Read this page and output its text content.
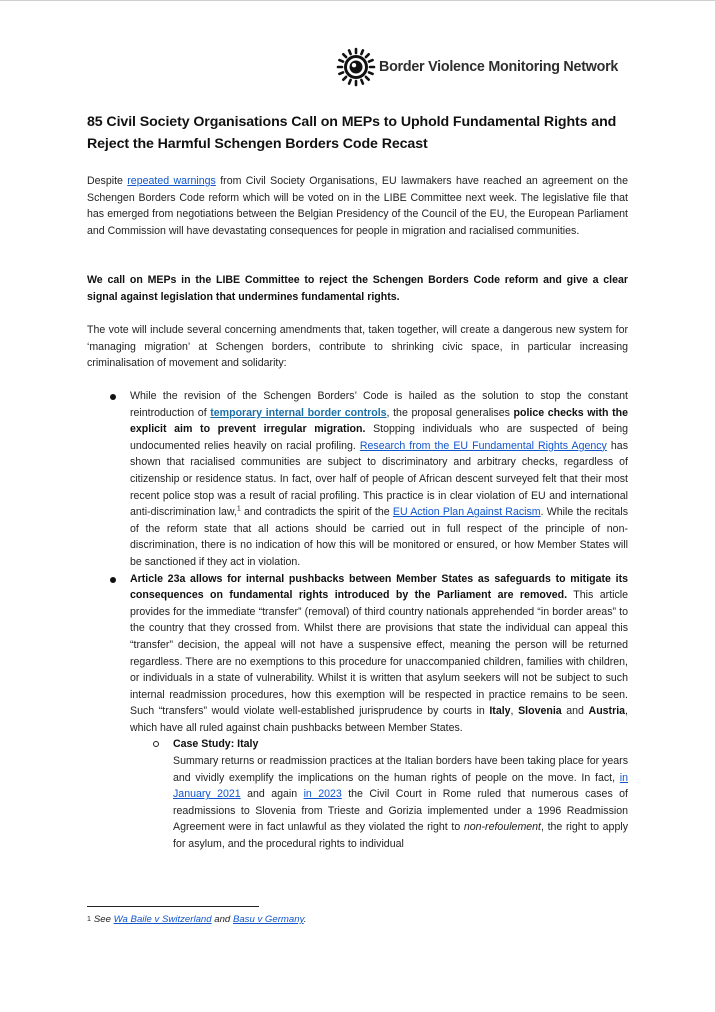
Border Violence Monitoring Network
85 Civil Society Organisations Call on MEPs to Uphold Fundamental Rights and Reject the Harmful Schengen Borders Code Recast

Despite repeated warnings from Civil Society Organisations, EU lawmakers have reached an agreement on the Schengen Borders Code reform which will be voted on in the LIBE Committee next week. The legislative file that has emerged from negotiations between the Belgian Presidency of the Council of the EU, the European Parliament and Commission will have devastating consequences for people in migration and racialised communities.

We call on MEPs in the LIBE Committee to reject the Schengen Borders Code reform and give a clear signal against legislation that undermines fundamental rights.

The vote will include several concerning amendments that, taken together, will create a dangerous new system for ‘managing migration’ at Schengen borders, contribute to shrinking civic space, in particular increasing criminalisation of movement and solidarity:

While the revision of the Schengen Borders’ Code is hailed as the solution to stop the constant reintroduction of temporary internal border controls, the proposal generalises police checks with the explicit aim to prevent irregular migration. Stopping individuals who are suspected of being undocumented relies heavily on racial profiling. Research from the EU Fundamental Rights Agency has shown that racialised communities are subject to discriminatory and arbitrary checks, regardless of citizenship or residence status. In fact, over half of people of African descent surveyed felt that their most recent police stop was a result of racial profiling. This practice is in clear violation of EU and international anti-discrimination law,$^1$ and contradicts the spirit of the EU Action Plan Against Racism. While the recitals of the reform state that all actions should be carried out in full respect of the principle of non-discrimination, there is no indication of how this will be monitored or ensured, or how Member States will be sanctioned if they act in violation.
Article 23a allows for internal pushbacks between Member States as safeguards to mitigate its consequences on fundamental rights introduced by the Parliament are removed. This article provides for the immediate “transfer” (removal) of third country nationals apprehended “in border areas” to the country that they crossed from. Whilst there are provisions that state the individual can appeal this “transfer” decision, the appeal will not have a suspensive effect, meaning the person will be returned regardless. There are no exemptions to this procedure for unaccompanied children, families with children, or individuals in a state of vulnerability. Whilst it is written that asylum seekers will not be subject to such internal readmission procedures, how this exemption will be respected in practice remains to be seen. Such “transfers” would violate well-established jurisprudence by courts in Italy, Slovenia and Austria, which have all ruled against chain pushbacks between Member States.
Case Study: Italy
Summary returns or readmission practices at the Italian borders have been taking place for years and vividly exemplify the implications on the human rights of people on the move. In fact, in January 2021 and again in 2023 the Civil Court in Rome ruled that numerous cases of readmissions to Slovenia from Trieste and Gorizia implemented under a 1996 Readmission Agreement were in fact unlawful as they violated the right to non-refoulement, the right to apply for asylum, and the procedural rights to individual
$^1$ See Wa Baile v Switzerland and Basu v Germany.
